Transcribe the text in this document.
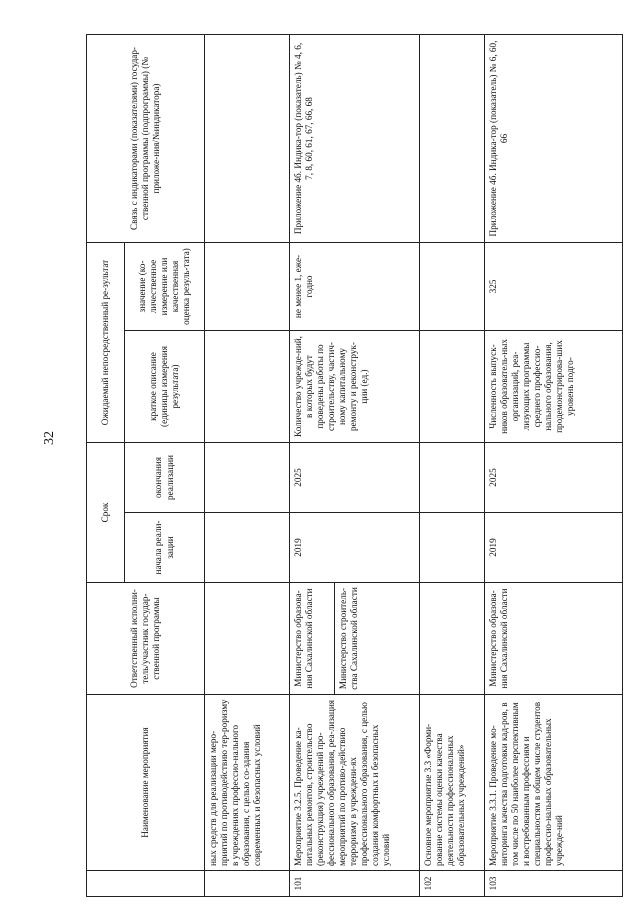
32
	Наименование мероприятия	Ответственный исполни-тель/участник государ-ственной программы	Срок		Ожидаемый непосредственный ре-зультат		Связь с индикаторами (показателями) государ-ственной программы (подпрограммы) (№ приложе-ния/№индикатора)
			начала реали-зации	окончания реализации	краткое описание (единицы измерения результата)	значение (ко-личественное измерение или качественная оценка резуль-тата)	
	ных средств для реализации меро-приятий по противодействию тер-роризму в учреждениях профессио-нального образования, с целью со-здания современных и безопасных условий						
101	Мероприятие 3.2.5. Проведение ка-питальных ремонтов, строительство (реконструкция) учреждений про-фессионального образования, реа-лизация мероприятий по противо-действию терроризму в учреждени-ях профессионального образования, с целью создания комфортных и безопасных условий	Министерство образова-ния Сахалинской области	2019	2025	Количество учрежде-ний, в которых будут проведены работы по строительству, частич-ному капитальному ремонту и реконструк-ции (ед.)	не менее 1, еже-годно	Приложение 4б. Индика-тор (показатель) № 4, 6, 7, 8, 60, 61, 67, 66, 68
		Министерство строитель-ства Сахалинской области					
102	Основное мероприятие 3.3 «Форми-рование системы оценки качества деятельности профессиональных образовательных учреждений»						
103	Мероприятие 3.3.1. Проведение мо-ниторинга качества подготовки кад-ров, в том числе по 50 наиболее перспективным и востребованным профессиям и специальностям в общем числе студентов профессио-нальных образовательных учрежде-ний	Министерство образова-ния Сахалинской области	2019	2025	Численность выпуск-ников образователь-ных организаций, реа-лизующих программы среднего профессио-нального образования, продемонстрирова-ших уровень подго-	325	Приложение 4б. Индика-тор (показатель) № 6, 60, 66
